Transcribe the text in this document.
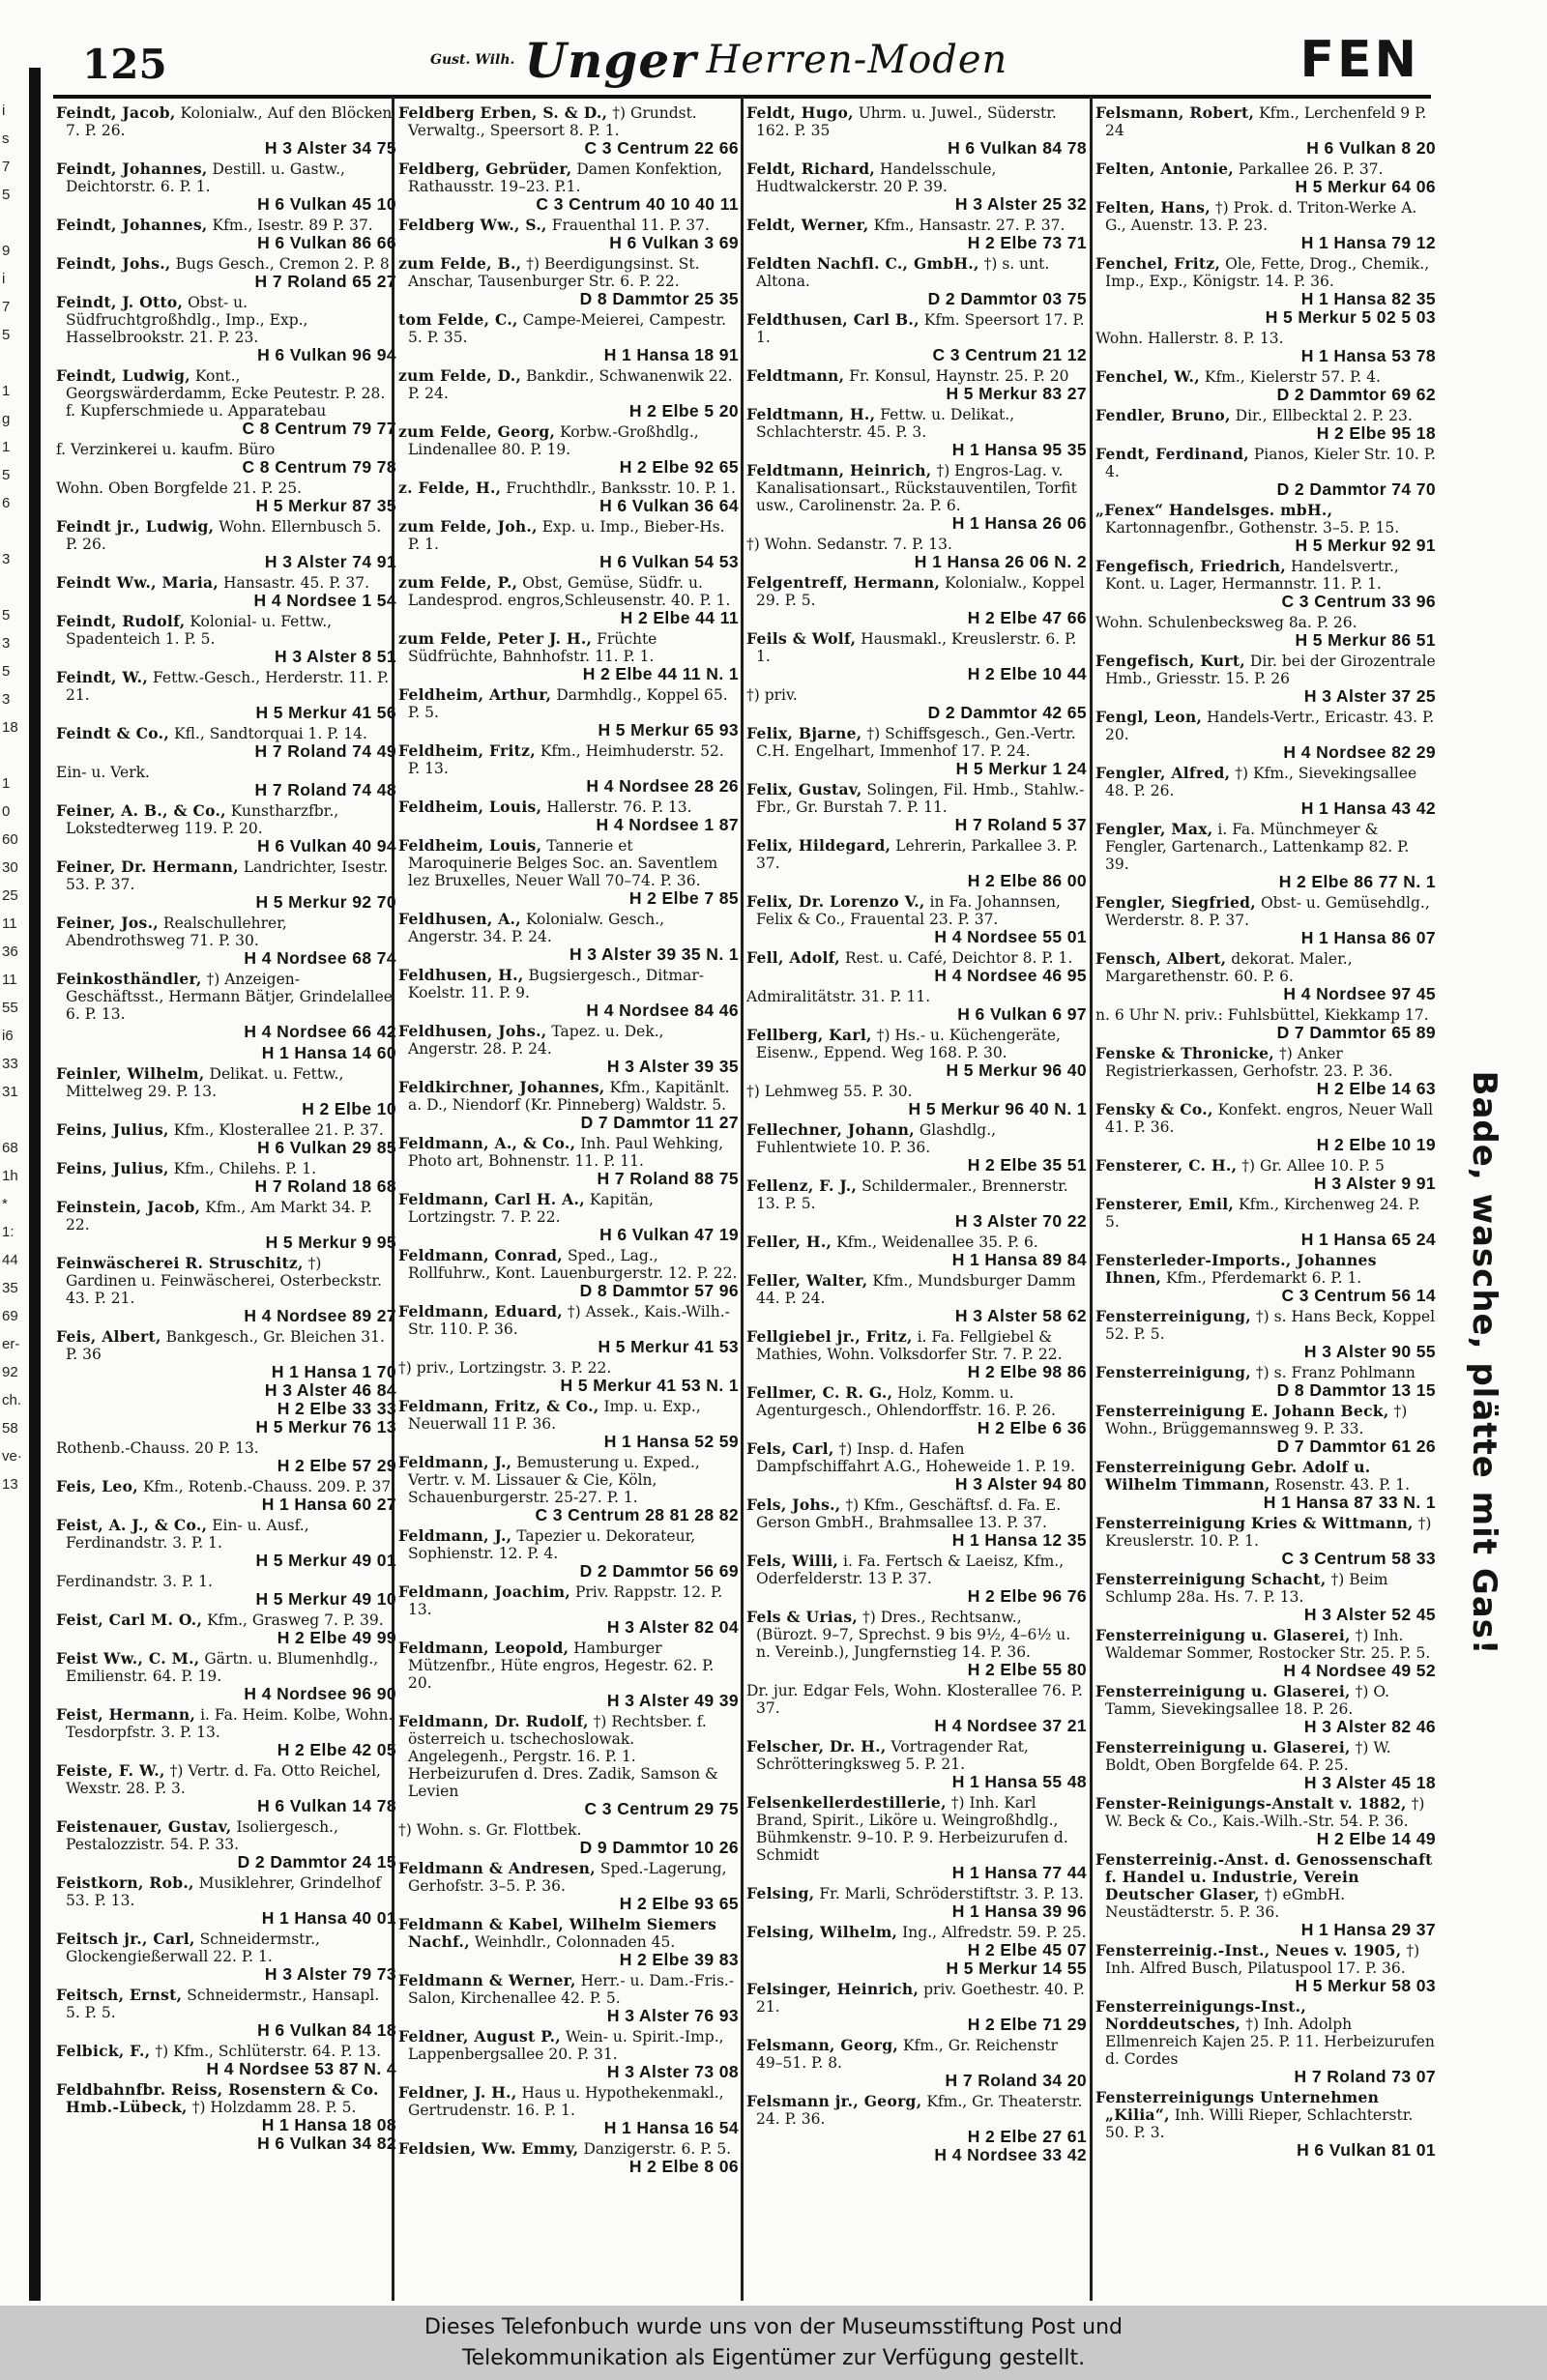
i
s
7
5
9
i
7
5
1
g
1
5
6
3
5
3
5
3
18
1
0
60
30
25
11
36
11
55
i6
33
31
68
1h
*
1:
44
35
69
er-
92
ch.
58
ve·
13
125	Gust. Wilh. Unger Herren-Moden	FEN
Feindt, Jacob, Kolonialw., Auf den Blöcken 7. P. 26.
H 3 Alster 34 75
Feindt, Johannes, Destill. u. Gastw., Deichtorstr. 6. P. 1.
H 6 Vulkan 45 10
Feindt, Johannes, Kfm., Isestr. 89 P. 37.
H 6 Vulkan 86 66
Feindt, Johs., Bugs Gesch., Cremon 2. P. 8
H 7 Roland 65 27
Feindt, J. Otto, Obst- u. Südfruchtgroßhdlg., Imp., Exp., Hasselbrookstr. 21. P. 23.
H 6 Vulkan 96 94
Feindt, Ludwig, Kont., Georgswärderdamm, Ecke Peutestr. P. 28. f. Kupferschmiede u. Apparatebau
C 8 Centrum 79 77
f. Verzinkerei u. kaufm. Büro
C 8 Centrum 79 78
Wohn. Oben Borgfelde 21. P. 25.
H 5 Merkur 87 35
Feindt jr., Ludwig, Wohn. Ellernbusch 5. P. 26.
H 3 Alster 74 91
Feindt Ww., Maria, Hansastr. 45. P. 37.
H 4 Nordsee 1 54
Feindt, Rudolf, Kolonial- u. Fettw., Spadenteich 1. P. 5.
H 3 Alster 8 51
Feindt, W., Fettw.-Gesch., Herderstr. 11. P. 21.
H 5 Merkur 41 56
Feindt & Co., Kfl., Sandtorquai 1. P. 14.
H 7 Roland 74 49
Ein- u. Verk.
H 7 Roland 74 48
Feiner, A. B., & Co., Kunstharzfbr., Lokstedterweg 119. P. 20.
H 6 Vulkan 40 94
Feiner, Dr. Hermann, Landrichter, Isestr. 53. P. 37.
H 5 Merkur 92 70
Feiner, Jos., Realschullehrer, Abendrothsweg 71. P. 30.
H 4 Nordsee 68 74
Feinkosthändler, †) Anzeigen-Geschäftsst., Hermann Bätjer, Grindelallee 6. P. 13.
H 4 Nordsee 66 42
H 1 Hansa 14 60
Feinler, Wilhelm, Delikat. u. Fettw., Mittelweg 29. P. 13.
H 2 Elbe 10
Feins, Julius, Kfm., Klosterallee 21. P. 37.
H 6 Vulkan 29 85
Feins, Julius, Kfm., Chilehs. P. 1.
H 7 Roland 18 68
Feinstein, Jacob, Kfm., Am Markt 34. P. 22.
H 5 Merkur 9 95
Feinwäscherei R. Struschitz, †) Gardinen u. Feinwäscherei, Osterbeckstr. 43. P. 21.
H 4 Nordsee 89 27
Feis, Albert, Bankgesch., Gr. Bleichen 31. P. 36
H 1 Hansa 1 70
H 3 Alster 46 84
H 2 Elbe 33 33
H 5 Merkur 76 13
Rothenb.-Chauss. 20 P. 13.
H 2 Elbe 57 29
Feis, Leo, Kfm., Rotenb.-Chauss. 209. P. 37.
H 1 Hansa 60 27
Feist, A. J., & Co., Ein- u. Ausf., Ferdinandstr. 3. P. 1.
H 5 Merkur 49 01
Ferdinandstr. 3. P. 1.
H 5 Merkur 49 10
Feist, Carl M. O., Kfm., Grasweg 7. P. 39.
H 2 Elbe 49 99
Feist Ww., C. M., Gärtn. u. Blumenhdlg., Emilienstr. 64. P. 19.
H 4 Nordsee 96 90
Feist, Hermann, i. Fa. Heim. Kolbe, Wohn. Tesdorpfstr. 3. P. 13.
H 2 Elbe 42 05
Feiste, F. W., †) Vertr. d. Fa. Otto Reichel, Wexstr. 28. P. 3.
H 6 Vulkan 14 78
Feistenauer, Gustav, Isoliergesch., Pestalozzistr. 54. P. 33.
D 2 Dammtor 24 15
Feistkorn, Rob., Musiklehrer, Grindelhof 53. P. 13.
H 1 Hansa 40 01
Feitsch jr., Carl, Schneidermstr., Glockengießerwall 22. P. 1.
H 3 Alster 79 73
Feitsch, Ernst, Schneidermstr., Hansapl. 5. P. 5.
H 6 Vulkan 84 18
Felbick, F., †) Kfm., Schlüterstr. 64. P. 13.
H 4 Nordsee 53 87 N. 4
Feldbahnfbr. Reiss, Rosenstern & Co. Hmb.-Lübeck, †) Holzdamm 28. P. 5.
H 1 Hansa 18 08
H 6 Vulkan 34 82
Feldberg Erben, S. & D., †) Grundst. Verwaltg., Speersort 8. P. 1.
C 3 Centrum 22 66
Feldberg, Gebrüder, Damen Konfektion, Rathausstr. 19–23. P.1.
C 3 Centrum 40 10 40 11
Feldberg Ww., S., Frauenthal 11. P. 37.
H 6 Vulkan 3 69
zum Felde, B., †) Beerdigungsinst. St. Anschar, Tausenburger Str. 6. P. 22.
D 8 Dammtor 25 35
tom Felde, C., Campe-Meierei, Campestr. 5. P. 35.
H 1 Hansa 18 91
zum Felde, D., Bankdir., Schwanenwik 22. P. 24.
H 2 Elbe 5 20
zum Felde, Georg, Korbw.-Großhdlg., Lindenallee 80. P. 19.
H 2 Elbe 92 65
z. Felde, H., Fruchthdlr., Banksstr. 10. P. 1.
H 6 Vulkan 36 64
zum Felde, Joh., Exp. u. Imp., Bieber-Hs. P. 1.
H 6 Vulkan 54 53
zum Felde, P., Obst, Gemüse, Südfr. u. Landesprod. engros,Schleusenstr. 40. P. 1.
H 2 Elbe 44 11
zum Felde, Peter J. H., Früchte Südfrüchte, Bahnhofstr. 11. P. 1.
H 2 Elbe 44 11 N. 1
Feldheim, Arthur, Darmhdlg., Koppel 65. P. 5.
H 5 Merkur 65 93
Feldheim, Fritz, Kfm., Heimhuderstr. 52. P. 13.
H 4 Nordsee 28 26
Feldheim, Louis, Hallerstr. 76. P. 13.
H 4 Nordsee 1 87
Feldheim, Louis, Tannerie et Maroquinerie Belges Soc. an. Saventlem lez Bruxelles, Neuer Wall 70–74. P. 36.
H 2 Elbe 7 85
Feldhusen, A., Kolonialw. Gesch., Angerstr. 34. P. 24.
H 3 Alster 39 35 N. 1
Feldhusen, H., Bugsiergesch., Ditmar-Koelstr. 11. P. 9.
H 4 Nordsee 84 46
Feldhusen, Johs., Tapez. u. Dek., Angerstr. 28. P. 24.
H 3 Alster 39 35
Feldkirchner, Johannes, Kfm., Kapitänlt. a. D., Niendorf (Kr. Pinneberg) Waldstr. 5.
D 7 Dammtor 11 27
Feldmann, A., & Co., Inh. Paul Wehking, Photo art, Bohnenstr. 11. P. 11.
H 7 Roland 88 75
Feldmann, Carl H. A., Kapitän, Lortzingstr. 7. P. 22.
H 6 Vulkan 47 19
Feldmann, Conrad, Sped., Lag., Rollfuhrw., Kont. Lauenburgerstr. 12. P. 22.
D 8 Dammtor 57 96
Feldmann, Eduard, †) Assek., Kais.-Wilh.-Str. 110. P. 36.
H 5 Merkur 41 53
†) priv., Lortzingstr. 3. P. 22.
H 5 Merkur 41 53 N. 1
Feldmann, Fritz, & Co., Imp. u. Exp., Neuerwall 11 P. 36.
H 1 Hansa 52 59
Feldmann, J., Bemusterung u. Exped., Vertr. v. M. Lissauer & Cie, Köln, Schauenburgerstr. 25-27. P. 1.
C 3 Centrum 28 81 28 82
Feldmann, J., Tapezier u. Dekorateur, Sophienstr. 12. P. 4.
D 2 Dammtor 56 69
Feldmann, Joachim, Priv. Rappstr. 12. P. 13.
H 3 Alster 82 04
Feldmann, Leopold, Hamburger Mützenfbr., Hüte engros, Hegestr. 62. P. 20.
H 3 Alster 49 39
Feldmann, Dr. Rudolf, †) Rechtsber. f. österreich u. tschechoslowak. Angelegenh., Pergstr. 16. P. 1. Herbeizurufen d. Dres. Zadik, Samson & Levien
C 3 Centrum 29 75
†) Wohn. s. Gr. Flottbek.
D 9 Dammtor 10 26
Feldmann & Andresen, Sped.-Lagerung, Gerhofstr. 3–5. P. 36.
H 2 Elbe 93 65
Feldmann & Kabel, Wilhelm Siemers Nachf., Weinhdlr., Colonnaden 45.
H 2 Elbe 39 83
Feldmann & Werner, Herr.- u. Dam.-Fris.-Salon, Kirchenallee 42. P. 5.
H 3 Alster 76 93
Feldner, August P., Wein- u. Spirit.-Imp., Lappenbergsallee 20. P. 31.
H 3 Alster 73 08
Feldner, J. H., Haus u. Hypothekenmakl., Gertrudenstr. 16. P. 1.
H 1 Hansa 16 54
Feldsien, Ww. Emmy, Danzigerstr. 6. P. 5.
H 2 Elbe 8 06
Feldt, Hugo, Uhrm. u. Juwel., Süderstr. 162. P. 35
H 6 Vulkan 84 78
Feldt, Richard, Handelsschule, Hudtwalckerstr. 20 P. 39.
H 3 Alster 25 32
Feldt, Werner, Kfm., Hansastr. 27. P. 37.
H 2 Elbe 73 71
Feldten Nachfl. C., GmbH., †) s. unt. Altona.
D 2 Dammtor 03 75
Feldthusen, Carl B., Kfm. Speersort 17. P. 1.
C 3 Centrum 21 12
Feldtmann, Fr. Konsul, Haynstr. 25. P. 20
H 5 Merkur 83 27
Feldtmann, H., Fettw. u. Delikat., Schlachterstr. 45. P. 3.
H 1 Hansa 95 35
Feldtmann, Heinrich, †) Engros-Lag. v. Kanalisationsart., Rückstauventilen, Torfit usw., Carolinenstr. 2a. P. 6.
H 1 Hansa 26 06
†) Wohn. Sedanstr. 7. P. 13.
H 1 Hansa 26 06 N. 2
Felgentreff, Hermann, Kolonialw., Koppel 29. P. 5.
H 2 Elbe 47 66
Feils & Wolf, Hausmakl., Kreuslerstr. 6. P. 1.
H 2 Elbe 10 44
†) priv.
D 2 Dammtor 42 65
Felix, Bjarne, †) Schiffsgesch., Gen.-Vertr. C.H. Engelhart, Immenhof 17. P. 24.
H 5 Merkur 1 24
Felix, Gustav, Solingen, Fil. Hmb., Stahlw.-Fbr., Gr. Burstah 7. P. 11.
H 7 Roland 5 37
Felix, Hildegard, Lehrerin, Parkallee 3. P. 37.
H 2 Elbe 86 00
Felix, Dr. Lorenzo V., in Fa. Johannsen, Felix & Co., Frauental 23. P. 37.
H 4 Nordsee 55 01
Fell, Adolf, Rest. u. Café, Deichtor 8. P. 1.
H 4 Nordsee 46 95
Admiralitätstr. 31. P. 11.
H 6 Vulkan 6 97
Fellberg, Karl, †) Hs.- u. Küchengeräte, Eisenw., Eppend. Weg 168. P. 30.
H 5 Merkur 96 40
†) Lehmweg 55. P. 30.
H 5 Merkur 96 40 N. 1
Fellechner, Johann, Glashdlg., Fuhlentwiete 10. P. 36.
H 2 Elbe 35 51
Fellenz, F. J., Schildermaler., Brennerstr. 13. P. 5.
H 3 Alster 70 22
Feller, H., Kfm., Weidenallee 35. P. 6.
H 1 Hansa 89 84
Feller, Walter, Kfm., Mundsburger Damm 44. P. 24.
H 3 Alster 58 62
Fellgiebel jr., Fritz, i. Fa. Fellgiebel & Mathies, Wohn. Volksdorfer Str. 7. P. 22.
H 2 Elbe 98 86
Fellmer, C. R. G., Holz, Komm. u. Agenturgesch., Ohlendorffstr. 16. P. 26.
H 2 Elbe 6 36
Fels, Carl, †) Insp. d. Hafen Dampfschiffahrt A.G., Hoheweide 1. P. 19.
H 3 Alster 94 80
Fels, Johs., †) Kfm., Geschäftsf. d. Fa. E. Gerson GmbH., Brahmsallee 13. P. 37.
H 1 Hansa 12 35
Fels, Willi, i. Fa. Fertsch & Laeisz, Kfm., Oderfelderstr. 13 P. 37.
H 2 Elbe 96 76
Fels & Urias, †) Dres., Rechtsanw., (Bürozt. 9–7, Sprechst. 9 bis 9½, 4–6½ u. n. Vereinb.), Jungfernstieg 14. P. 36.
H 2 Elbe 55 80
Dr. jur. Edgar Fels, Wohn. Klosterallee 76. P. 37.
H 4 Nordsee 37 21
Felscher, Dr. H., Vortragender Rat, Schrötteringksweg 5. P. 21.
H 1 Hansa 55 48
Felsenkellerdestillerie, †) Inh. Karl Brand, Spirit., Liköre u. Weingroßhdlg., Bühmkenstr. 9–10. P. 9. Herbeizurufen d. Schmidt
H 1 Hansa 77 44
Felsing, Fr. Marli, Schröderstiftstr. 3. P. 13.
H 1 Hansa 39 96
Felsing, Wilhelm, Ing., Alfredstr. 59. P. 25.
H 2 Elbe 45 07
H 5 Merkur 14 55
Felsinger, Heinrich, priv. Goethestr. 40. P. 21.
H 2 Elbe 71 29
Felsmann, Georg, Kfm., Gr. Reichenstr 49–51. P. 8.
H 7 Roland 34 20
Felsmann jr., Georg, Kfm., Gr. Theaterstr. 24. P. 36.
H 2 Elbe 27 61
H 4 Nordsee 33 42
Felsmann, Robert, Kfm., Lerchenfeld 9 P. 24
H 6 Vulkan 8 20
Felten, Antonie, Parkallee 26. P. 37.
H 5 Merkur 64 06
Felten, Hans, †) Prok. d. Triton-Werke A. G., Auenstr. 13. P. 23.
H 1 Hansa 79 12
Fenchel, Fritz, Ole, Fette, Drog., Chemik., Imp., Exp., Königstr. 14. P. 36.
H 1 Hansa 82 35
H 5 Merkur 5 02 5 03
Wohn. Hallerstr. 8. P. 13.
H 1 Hansa 53 78
Fenchel, W., Kfm., Kielerstr 57. P. 4.
D 2 Dammtor 69 62
Fendler, Bruno, Dir., Ellbecktal 2. P. 23.
H 2 Elbe 95 18
Fendt, Ferdinand, Pianos, Kieler Str. 10. P. 4.
D 2 Dammtor 74 70
„Fenex“ Handelsges. mbH., Kartonnagenfbr., Gothenstr. 3–5. P. 15.
H 5 Merkur 92 91
Fengefisch, Friedrich, Handelsvertr., Kont. u. Lager, Hermannstr. 11. P. 1.
C 3 Centrum 33 96
Wohn. Schulenbecksweg 8a. P. 26.
H 5 Merkur 86 51
Fengefisch, Kurt, Dir. bei der Girozentrale Hmb., Griesstr. 15. P. 26
H 3 Alster 37 25
Fengl, Leon, Handels-Vertr., Ericastr. 43. P. 20.
H 4 Nordsee 82 29
Fengler, Alfred, †) Kfm., Sievekingsallee 48. P. 26.
H 1 Hansa 43 42
Fengler, Max, i. Fa. Münchmeyer & Fengler, Gartenarch., Lattenkamp 82. P. 39.
H 2 Elbe 86 77 N. 1
Fengler, Siegfried, Obst- u. Gemüsehdlg., Werderstr. 8. P. 37.
H 1 Hansa 86 07
Fensch, Albert, dekorat. Maler., Margarethenstr. 60. P. 6.
H 4 Nordsee 97 45
n. 6 Uhr N. priv.: Fuhlsbüttel, Kiekkamp 17.
D 7 Dammtor 65 89
Fenske & Thronicke, †) Anker Registrierkassen, Gerhofstr. 23. P. 36.
H 2 Elbe 14 63
Fensky & Co., Konfekt. engros, Neuer Wall 41. P. 36.
H 2 Elbe 10 19
Fensterer, C. H., †) Gr. Allee 10. P. 5
H 3 Alster 9 91
Fensterer, Emil, Kfm., Kirchenweg 24. P. 5.
H 1 Hansa 65 24
Fensterleder-Imports., Johannes Ihnen, Kfm., Pferdemarkt 6. P. 1.
C 3 Centrum 56 14
Fensterreinigung, †) s. Hans Beck, Koppel 52. P. 5.
H 3 Alster 90 55
Fensterreinigung, †) s. Franz Pohlmann
D 8 Dammtor 13 15
Fensterreinigung E. Johann Beck, †) Wohn., Brüggemannsweg 9. P. 33.
D 7 Dammtor 61 26
Fensterreinigung Gebr. Adolf u. Wilhelm Timmann, Rosenstr. 43. P. 1.
H 1 Hansa 87 33 N. 1
Fensterreinigung Kries & Wittmann, †) Kreuslerstr. 10. P. 1.
C 3 Centrum 58 33
Fensterreinigung Schacht, †) Beim Schlump 28a. Hs. 7. P. 13.
H 3 Alster 52 45
Fensterreinigung u. Glaserei, †) Inh. Waldemar Sommer, Rostocker Str. 25. P. 5.
H 4 Nordsee 49 52
Fensterreinigung u. Glaserei, †) O. Tamm, Sievekingsallee 18. P. 26.
H 3 Alster 82 46
Fensterreinigung u. Glaserei, †) W. Boldt, Oben Borgfelde 64. P. 25.
H 3 Alster 45 18
Fenster-Reinigungs-Anstalt v. 1882, †) W. Beck & Co., Kais.-Wilh.-Str. 54. P. 36.
H 2 Elbe 14 49
Fensterreinig.-Anst. d. Genossenschaft f. Handel u. Industrie, Verein Deutscher Glaser, †) eGmbH. Neustädterstr. 5. P. 36.
H 1 Hansa 29 37
Fensterreinig.-Inst., Neues v. 1905, †) Inh. Alfred Busch, Pilatuspool 17. P. 36.
H 5 Merkur 58 03
Fensterreinigungs-Inst., Norddeutsches, †) Inh. Adolph Ellmenreich Kajen 25. P. 11. Herbeizurufen d. Cordes
H 7 Roland 73 07
Fensterreinigungs Unternehmen „Kilia“, Inh. Willi Rieper, Schlachterstr. 50. P. 3.
H 6 Vulkan 81 01
Bade, wasche, plätte mit Gas!
Dieses Telefonbuch wurde uns von der Museumsstiftung Post und
Telekommunikation als Eigentümer zur Verfügung gestellt.
